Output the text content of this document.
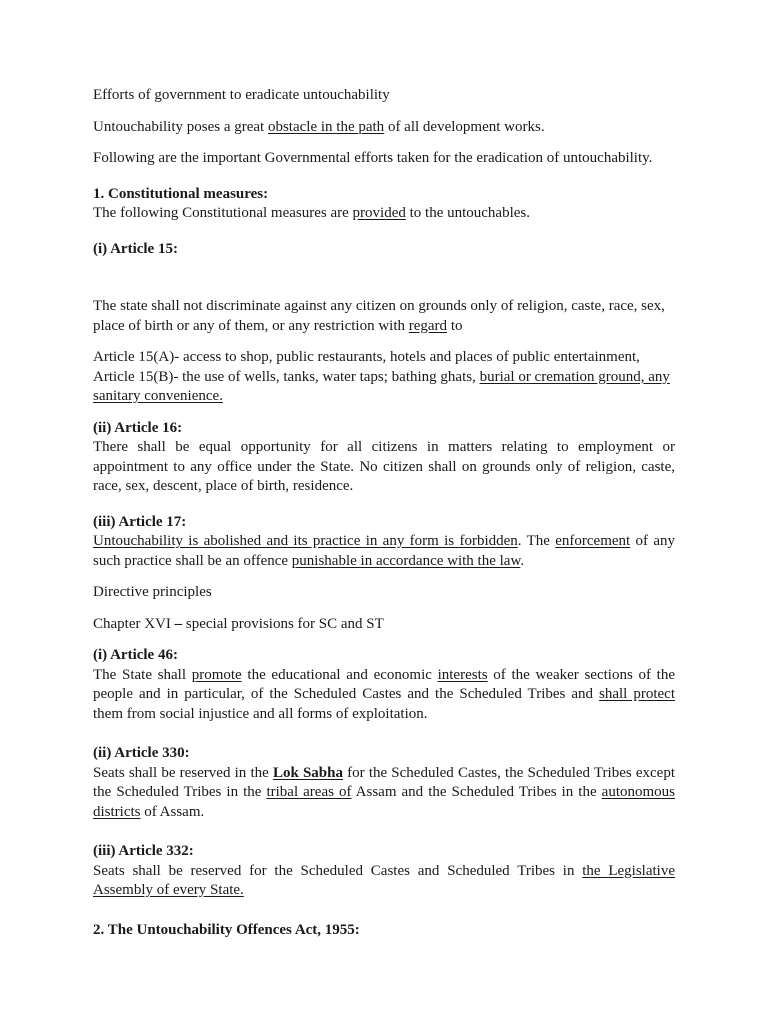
Efforts of government to eradicate untouchability

Untouchability poses a great obstacle in the path of all development works.

Following are the important Governmental efforts taken for the eradication of untouchability.

1. Constitutional measures:

The following Constitutional measures are provided to the untouchables.

(i) Article 15:

The state shall not discriminate against any citizen on grounds only of religion, caste, race, sex, place of birth or any of them, or any restriction with regard to

Article 15(A)- access to shop, public restaurants, hotels and places of public entertainment,

Article 15(B)- the use of wells, tanks, water taps; bathing ghats, burial or cremation ground, any sanitary convenience.

(ii) Article 16:

There shall be equal opportunity for all citizens in matters relating to employment or appointment to any office under the State. No citizen shall on grounds only of religion, caste, race, sex, descent, place of birth, residence.

(iii) Article 17:

Untouchability is abolished and its practice in any form is forbidden. The enforcement of any such practice shall be an offence punishable in accordance with the law.

Directive principles

Chapter XVI – special provisions for SC and ST

(i) Article 46:

The State shall promote the educational and economic interests of the weaker sections of the people and in particular, of the Scheduled Castes and the Scheduled Tribes and shall protect them from social injustice and all forms of exploitation.

(ii) Article 330:

Seats shall be reserved in the Lok Sabha for the Scheduled Castes, the Scheduled Tribes except the Scheduled Tribes in the tribal areas of Assam and the Scheduled Tribes in the autonomous districts of Assam.

(iii) Article 332:

Seats shall be reserved for the Scheduled Castes and Scheduled Tribes in the Legislative Assembly of every State.

2. The Untouchability Offences Act, 1955:
